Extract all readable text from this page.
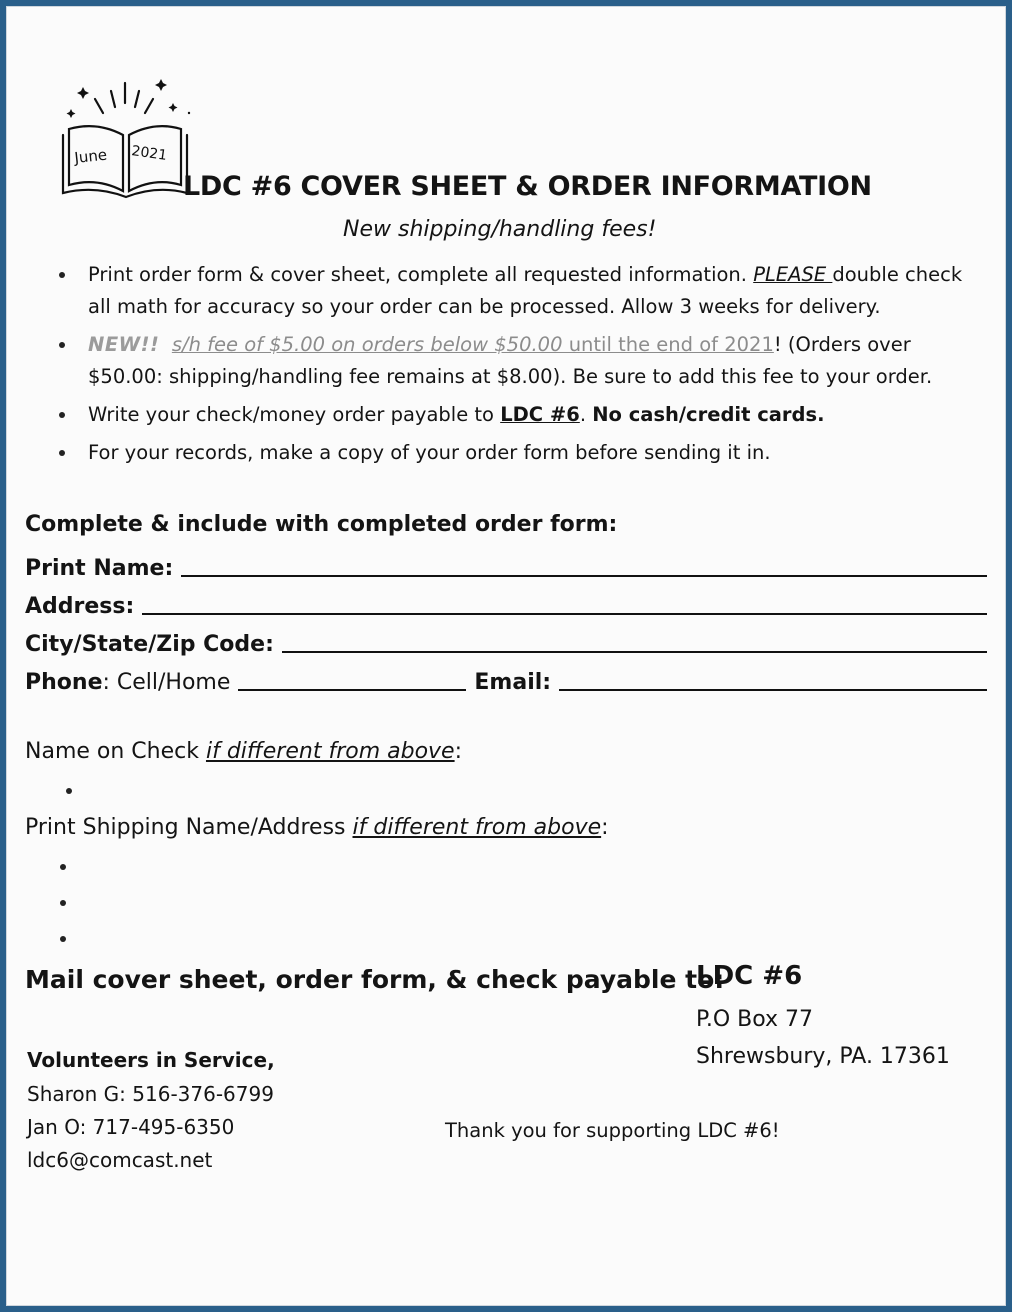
June 2021
LDC #6 COVER SHEET & ORDER INFORMATION
New shipping/handling fees!
Print order form & cover sheet, complete all requested information. PLEASE double check all math for accuracy so your order can be processed. Allow 3 weeks for delivery.
NEW!! s/h fee of $5.00 on orders below $50.00 until the end of 2021! (Orders over $50.00: shipping/handling fee remains at $8.00). Be sure to add this fee to your order.
Write your check/money order payable to LDC #6. No cash/credit cards.
For your records, make a copy of your order form before sending it in.
Complete & include with completed order form:
Print Name:
Address:
City/State/Zip Code:
Phone: Cell/Home	Email:
Name on Check if different from above:
Print Shipping Name/Address if different from above:
Mail cover sheet, order form, & check payable to:
LDC #6
P.O Box 77
Shrewsbury, PA. 17361
Volunteers in Service,
Sharon G: 516-376-6799
Jan O: 717-495-6350
ldc6@comcast.net
Thank you for supporting LDC #6!
